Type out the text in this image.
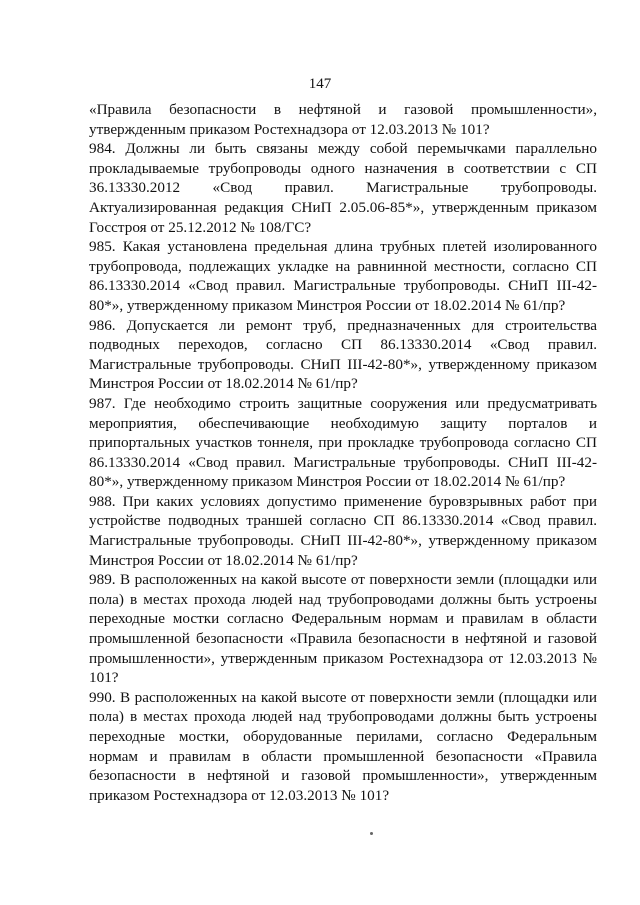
147

«Правила безопасности в нефтяной и газовой промышленности», утвержденным приказом Ростехнадзора от 12.03.2013 № 101?

984. Должны ли быть связаны между собой перемычками параллельно прокладываемые трубопроводы одного назначения в соответствии с СП 36.13330.2012 «Свод правил. Магистральные трубопроводы. Актуализированная редакция СНиП 2.05.06-85*», утвержденным приказом Госстроя от 25.12.2012 № 108/ГС?

985. Какая установлена предельная длина трубных плетей изолированного трубопровода, подлежащих укладке на равнинной местности, согласно СП 86.13330.2014 «Свод правил. Магистральные трубопроводы. СНиП III-42-80*», утвержденному приказом Минстроя России от 18.02.2014 № 61/пр?

986. Допускается ли ремонт труб, предназначенных для строительства подводных переходов, согласно СП 86.13330.2014 «Свод правил. Магистральные трубопроводы. СНиП III-42-80*», утвержденному приказом Минстроя России от 18.02.2014 № 61/пр?

987. Где необходимо строить защитные сооружения или предусматривать мероприятия, обеспечивающие необходимую защиту порталов и припортальных участков тоннеля, при прокладке трубопровода согласно СП 86.13330.2014 «Свод правил. Магистральные трубопроводы. СНиП III-42-80*», утвержденному приказом Минстроя России от 18.02.2014 № 61/пр?

988. При каких условиях допустимо применение буровзрывных работ при устройстве подводных траншей согласно СП 86.13330.2014 «Свод правил. Магистральные трубопроводы. СНиП III-42-80*», утвержденному приказом Минстроя России от 18.02.2014 № 61/пр?

989. В расположенных на какой высоте от поверхности земли (площадки или пола) в местах прохода людей над трубопроводами должны быть устроены переходные мостки согласно Федеральным нормам и правилам в области промышленной безопасности «Правила безопасности в нефтяной и газовой промышленности», утвержденным приказом Ростехнадзора от 12.03.2013 № 101?

990. В расположенных на какой высоте от поверхности земли (площадки или пола) в местах прохода людей над трубопроводами должны быть устроены переходные мостки, оборудованные перилами, согласно Федеральным нормам и правилам в области промышленной безопасности «Правила безопасности в нефтяной и газовой промышленности», утвержденным приказом Ростехнадзора от 12.03.2013 № 101?
